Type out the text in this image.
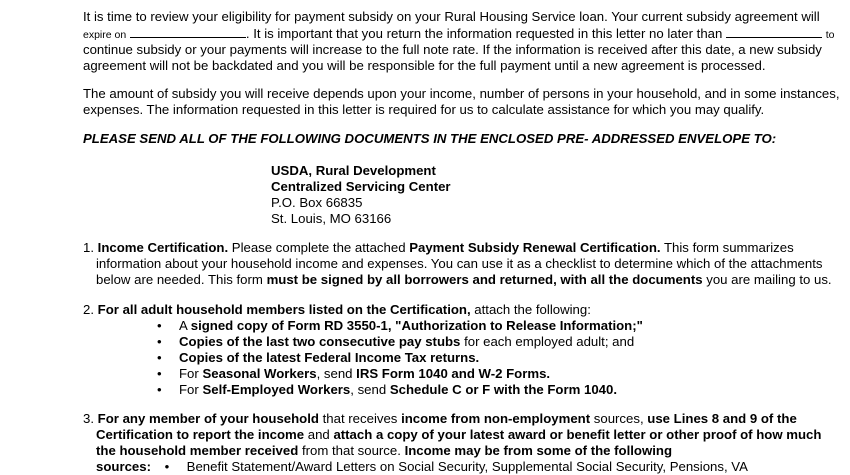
It is time to review your eligibility for payment subsidy on your Rural Housing Service loan. Your current subsidy agreement will
expire on	. It is important that you return the information requested in this letter no later than	to
continue subsidy or your payments will increase to the full note rate. If the information is received after this date, a new subsidy
agreement will not be backdated and you will be responsible for the full payment until a new agreement is processed.
The amount of subsidy you will receive depends upon your income, number of persons in your household, and in some instances,
expenses. The information requested in this letter is required for us to calculate assistance for which you may qualify.
PLEASE SEND ALL OF THE FOLLOWING DOCUMENTS IN THE ENCLOSED PRE- ADDRESSED ENVELOPE TO:
USDA, Rural Development
Centralized Servicing Center
P.O. Box 66835
St. Louis, MO 63166
1. Income Certification. Please complete the attached Payment Subsidy Renewal Certification. This form summarizes
information about your household income and expenses. You can use it as a checklist to determine which of the attachments
below are needed. This form must be signed by all borrowers and returned, with all the documents you are mailing to us.
2. For all adult household members listed on the Certification, attach the following:
• A signed copy of Form RD 3550-1, "Authorization to Release Information;"
• Copies of the last two consecutive pay stubs for each employed adult; and
• Copies of the latest Federal Income Tax returns.
• For Seasonal Workers, send IRS Form 1040 and W-2 Forms.
• For Self-Employed Workers, send Schedule C or F with the Form 1040.
3. For any member of your household that receives income from non-employment sources, use Lines 8 and 9 of the
Certification to report the income and attach a copy of your latest award or benefit letter or other proof of how much
the household member received from that source. Income may be from some of the following
sources: • Benefit Statement/Award Letters on Social Security, Supplemental Social Security, Pensions, VA
